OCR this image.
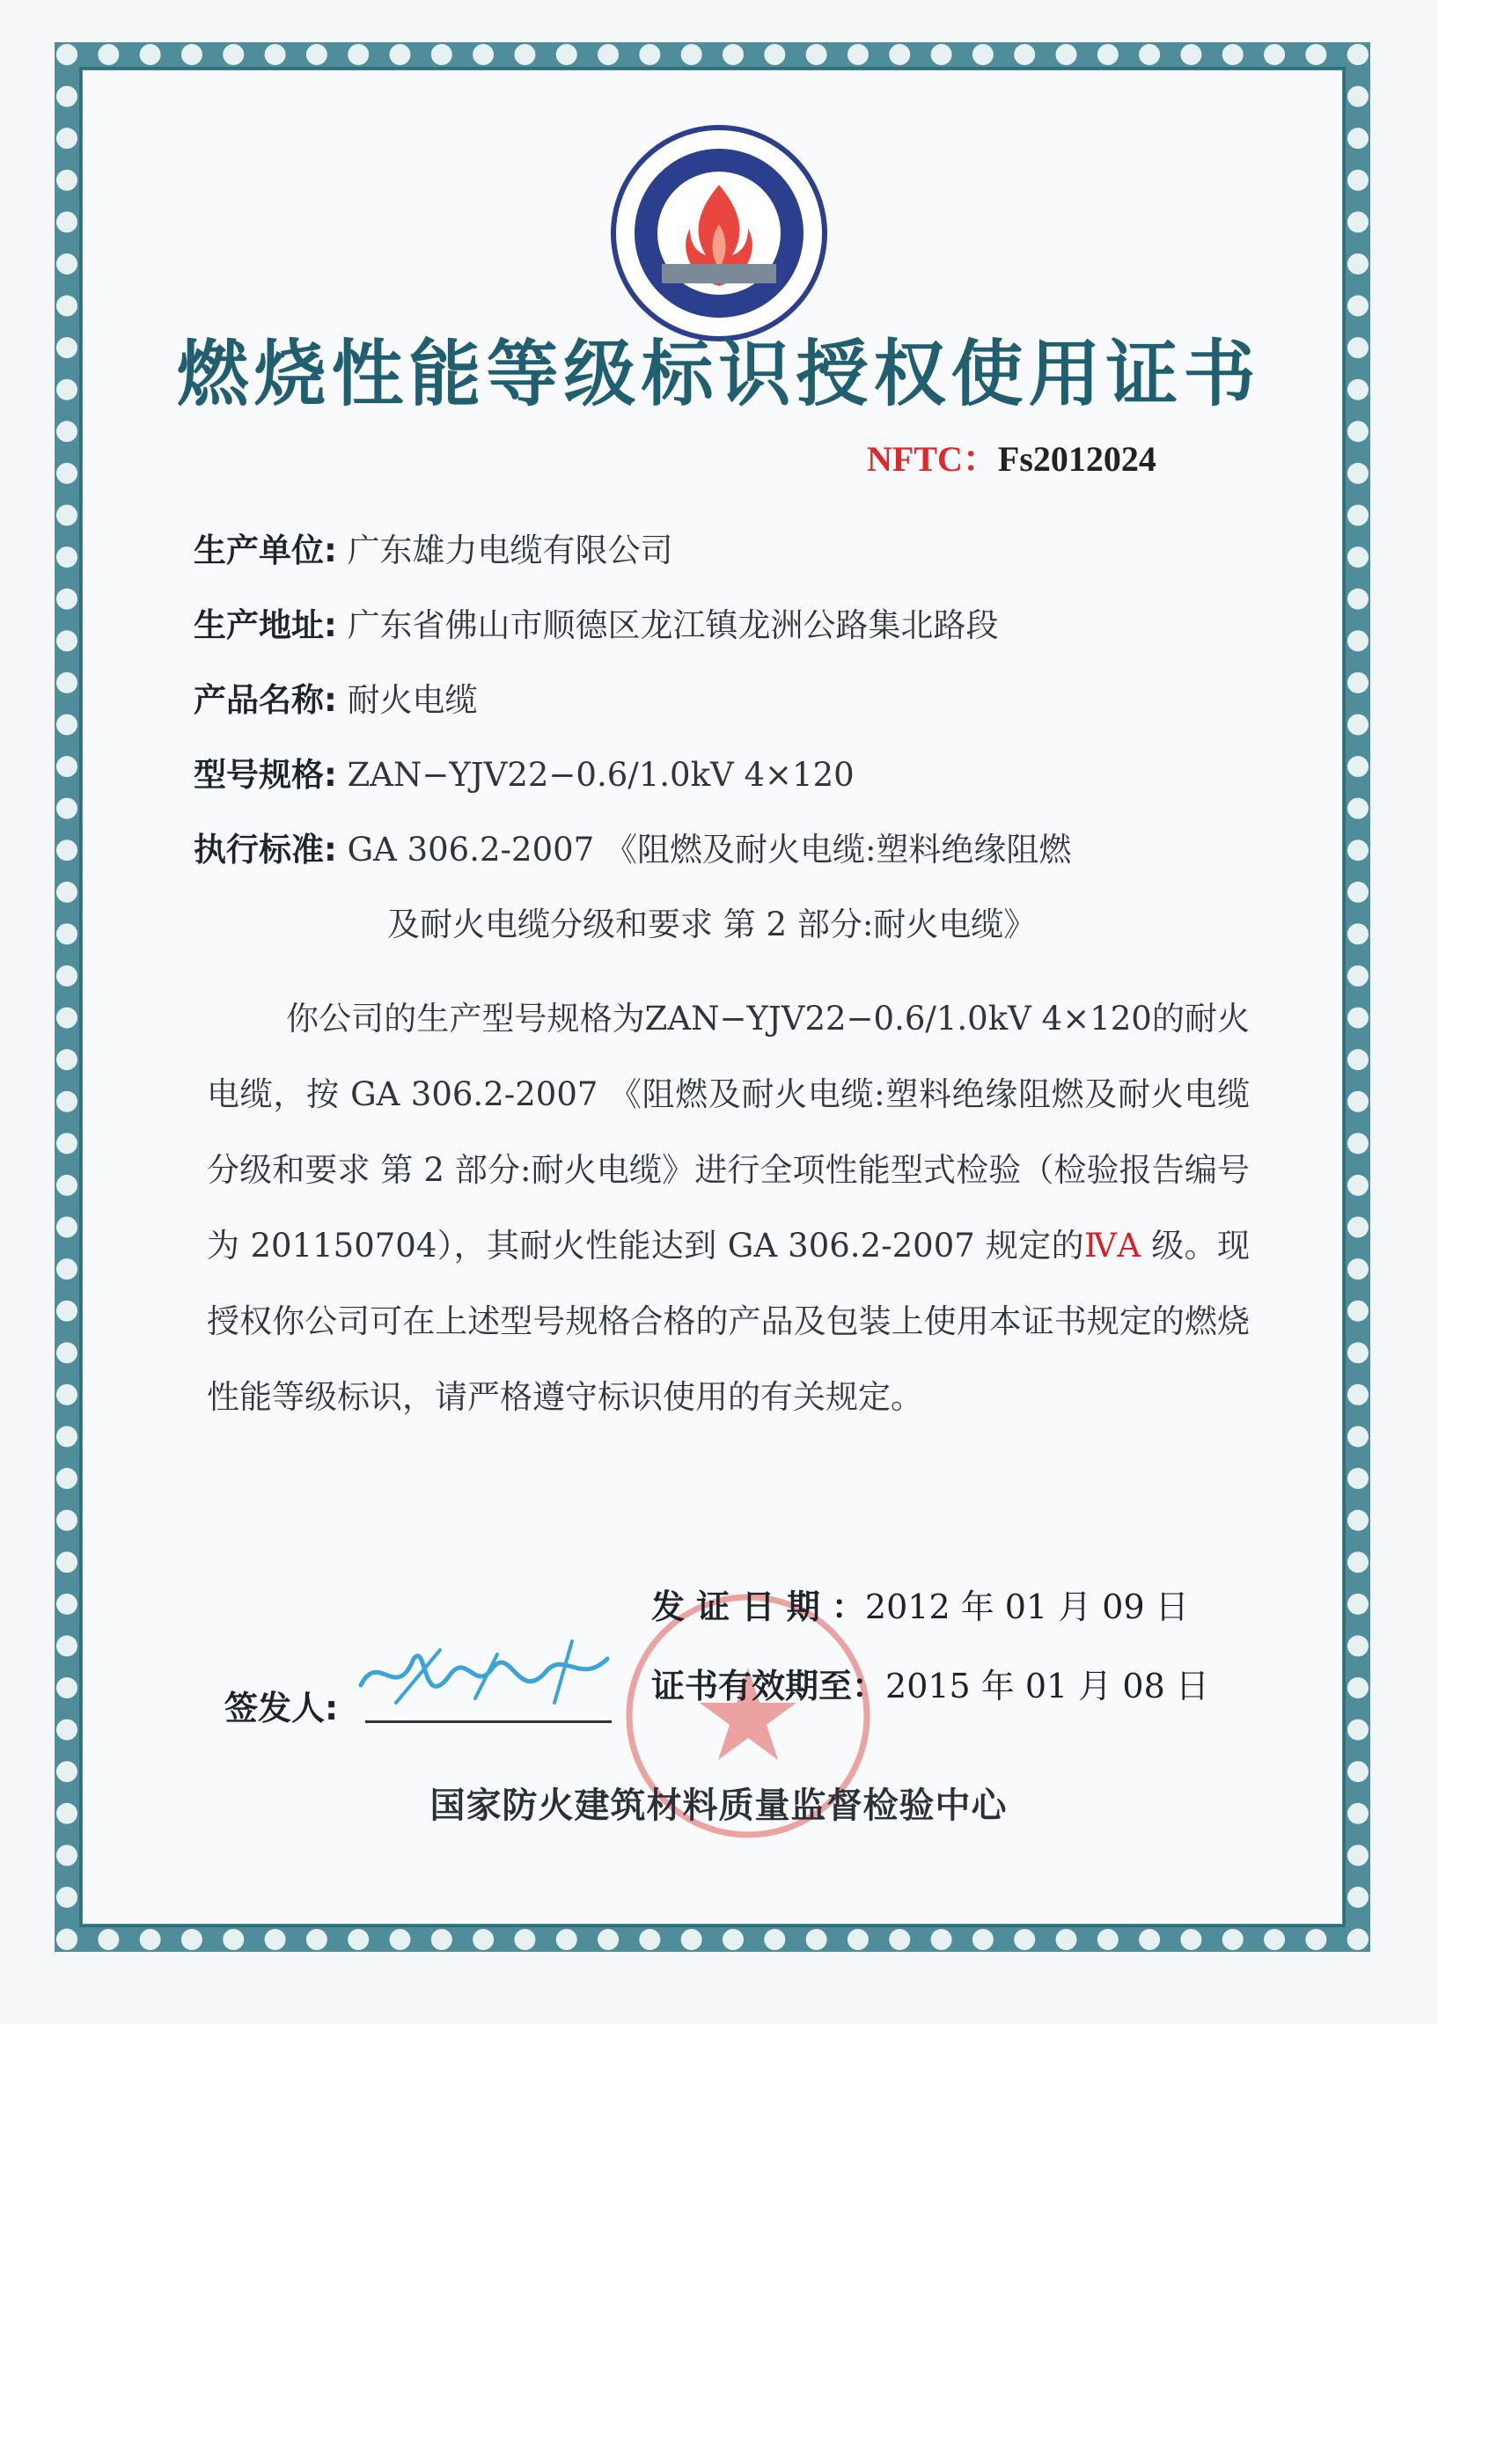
燃烧性能等级标识授权使用证书
NFTC：Fs2012024
生产单位: 广东雄力电缆有限公司
生产地址: 广东省佛山市顺德区龙江镇龙洲公路集北路段
产品名称: 耐火电缆
型号规格: ZAN−YJV22−0.6/1.0kV 4×120
执行标准: GA 306.2-2007 《阻燃及耐火电缆:塑料绝缘阻燃
及耐火电缆分级和要求 第 2 部分:耐火电缆》
你公司的生产型号规格为ZAN−YJV22−0.6/1.0kV 4×120的耐火电缆，按 GA 306.2-2007 《阻燃及耐火电缆:塑料绝缘阻燃及耐火电缆分级和要求 第 2 部分:耐火电缆》进行全项性能型式检验（检验报告编号为 201150704），其耐火性能达到 GA 306.2-2007 规定的ⅣA 级。现授权你公司可在上述型号规格合格的产品及包装上使用本证书规定的燃烧性能等级标识，请严格遵守标识使用的有关规定。
发 证 日 期 ：2012 年 01 月 09 日
证书有效期至：2015 年 01 月 08 日
签发人:
国家防火建筑材料质量监督检验中心
